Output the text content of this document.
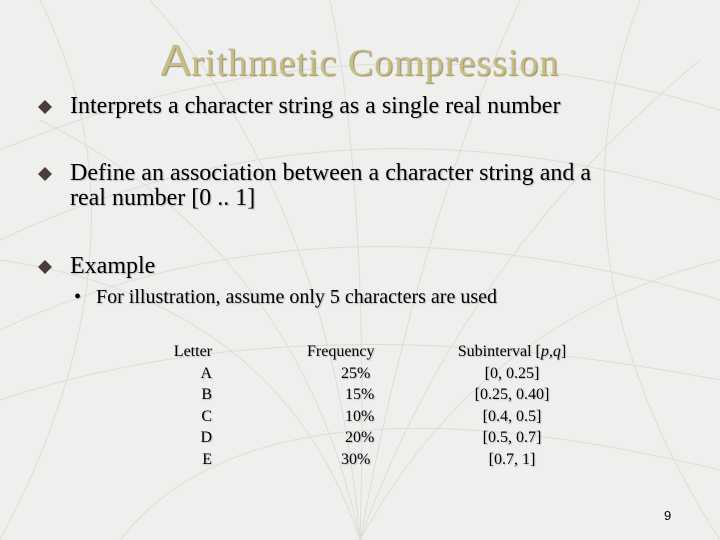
Arithmetic Compression
Interprets a character string as a single real number
Define an association between a character string and a
real number [0 .. 1]
Example
• For illustration, assume only 5 characters are used
Letter
A
B
C
D
E
Frequency
25%
15%
10%
20%
30%
Subinterval [p,q]
[0, 0.25]
[0.25, 0.40]
[0.4, 0.5]
[0.5, 0.7]
[0.7, 1]
9
